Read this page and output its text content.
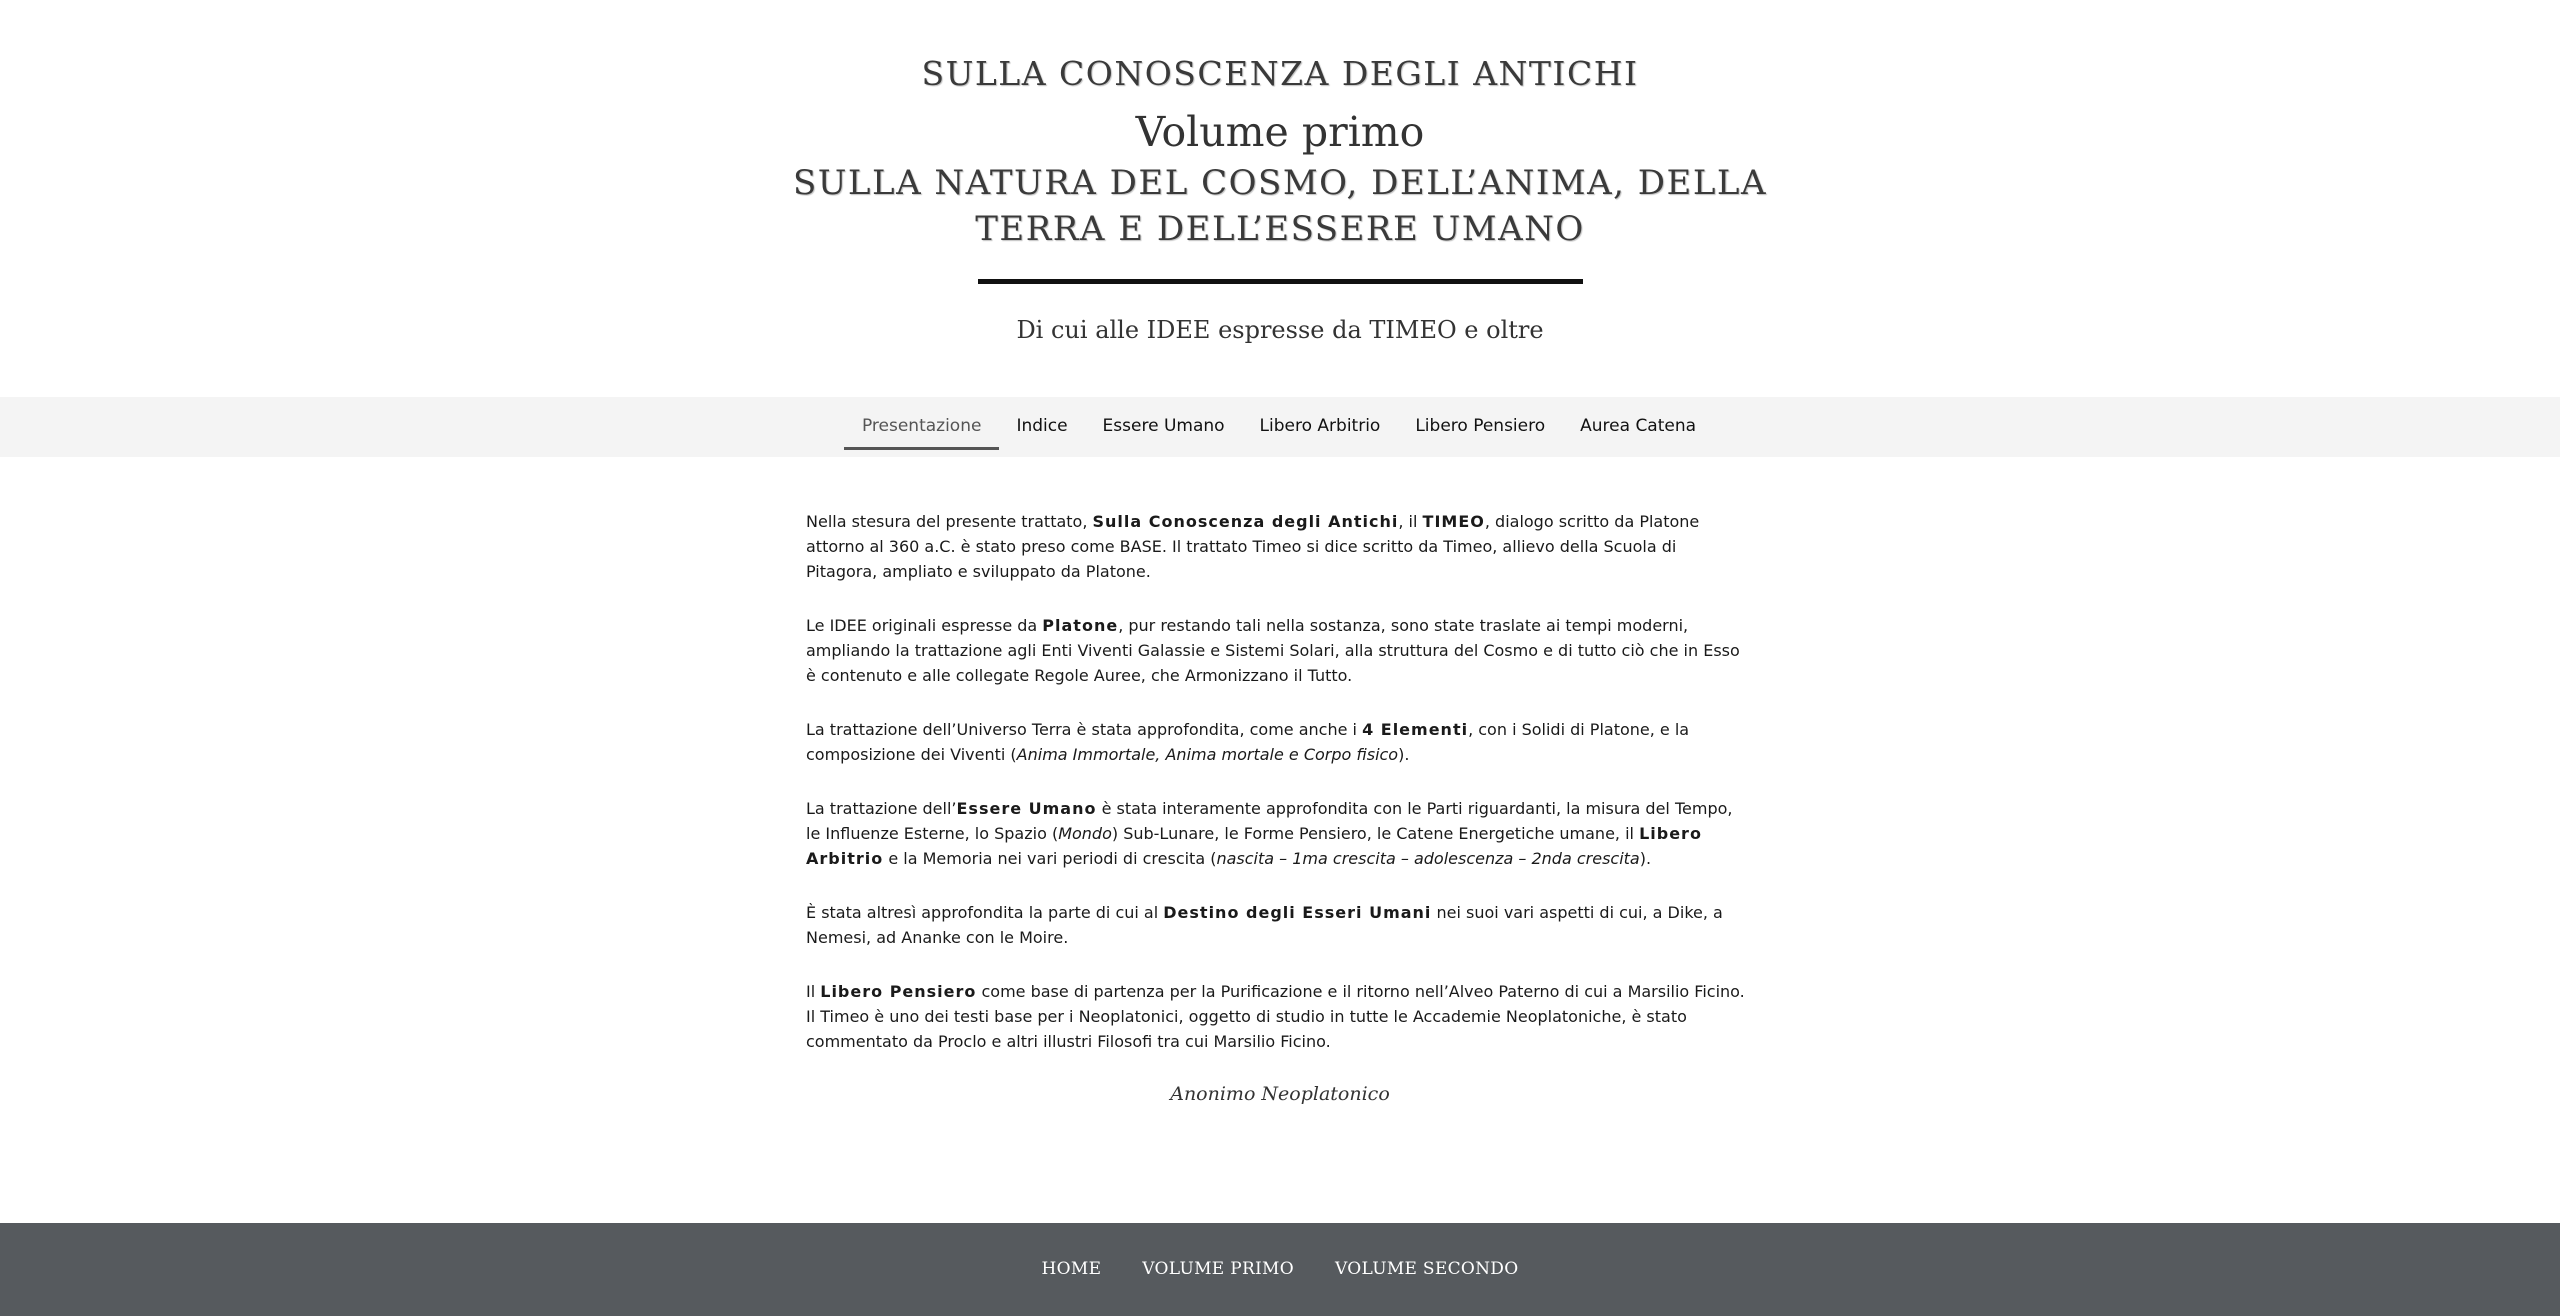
SULLA CONOSCENZA DEGLI ANTICHI
Volume primo
SULLA NATURA DEL COSMO, DELL’ANIMA, DELLA TERRA E DELL’ESSERE UMANO
Di cui alle IDEE espresse da TIMEO e oltre
Presentazione	Indice	Essere Umano	Libero Arbitrio	Libero Pensiero	Aurea Catena

Nella stesura del presente trattato, Sulla Conoscenza degli Antichi, il TIMEO, dialogo scritto da Platone attorno al 360 a.C. è stato preso come BASE. Il trattato Timeo si dice scritto da Timeo, allievo della Scuola di Pitagora, ampliato e sviluppato da Platone.

Le IDEE originali espresse da Platone, pur restando tali nella sostanza, sono state traslate ai tempi moderni, ampliando la trattazione agli Enti Viventi Galassie e Sistemi Solari, alla struttura del Cosmo e di tutto ciò che in Esso è contenuto e alle collegate Regole Auree, che Armonizzano il Tutto.

La trattazione dell’Universo Terra è stata approfondita, come anche i 4 Elementi, con i Solidi di Platone, e la composizione dei Viventi (Anima Immortale, Anima mortale e Corpo fisico).

La trattazione dell’Essere Umano è stata interamente approfondita con le Parti riguardanti, la misura del Tempo, le Influenze Esterne, lo Spazio (Mondo) Sub-Lunare, le Forme Pensiero, le Catene Energetiche umane, il Libero Arbitrio e la Memoria nei vari periodi di crescita (nascita – 1ma crescita – adolescenza – 2nda crescita).

È stata altresì approfondita la parte di cui al Destino degli Esseri Umani nei suoi vari aspetti di cui, a Dike, a Nemesi, ad Ananke con le Moire.

Il Libero Pensiero come base di partenza per la Purificazione e il ritorno nell’Alveo Paterno di cui a Marsilio Ficino. Il Timeo è uno dei testi base per i Neoplatonici, oggetto di studio in tutte le Accademie Neoplatoniche, è stato commentato da Proclo e altri illustri Filosofi tra cui Marsilio Ficino.

Anonimo Neoplatonico
HOME VOLUME PRIMO VOLUME SECONDO
